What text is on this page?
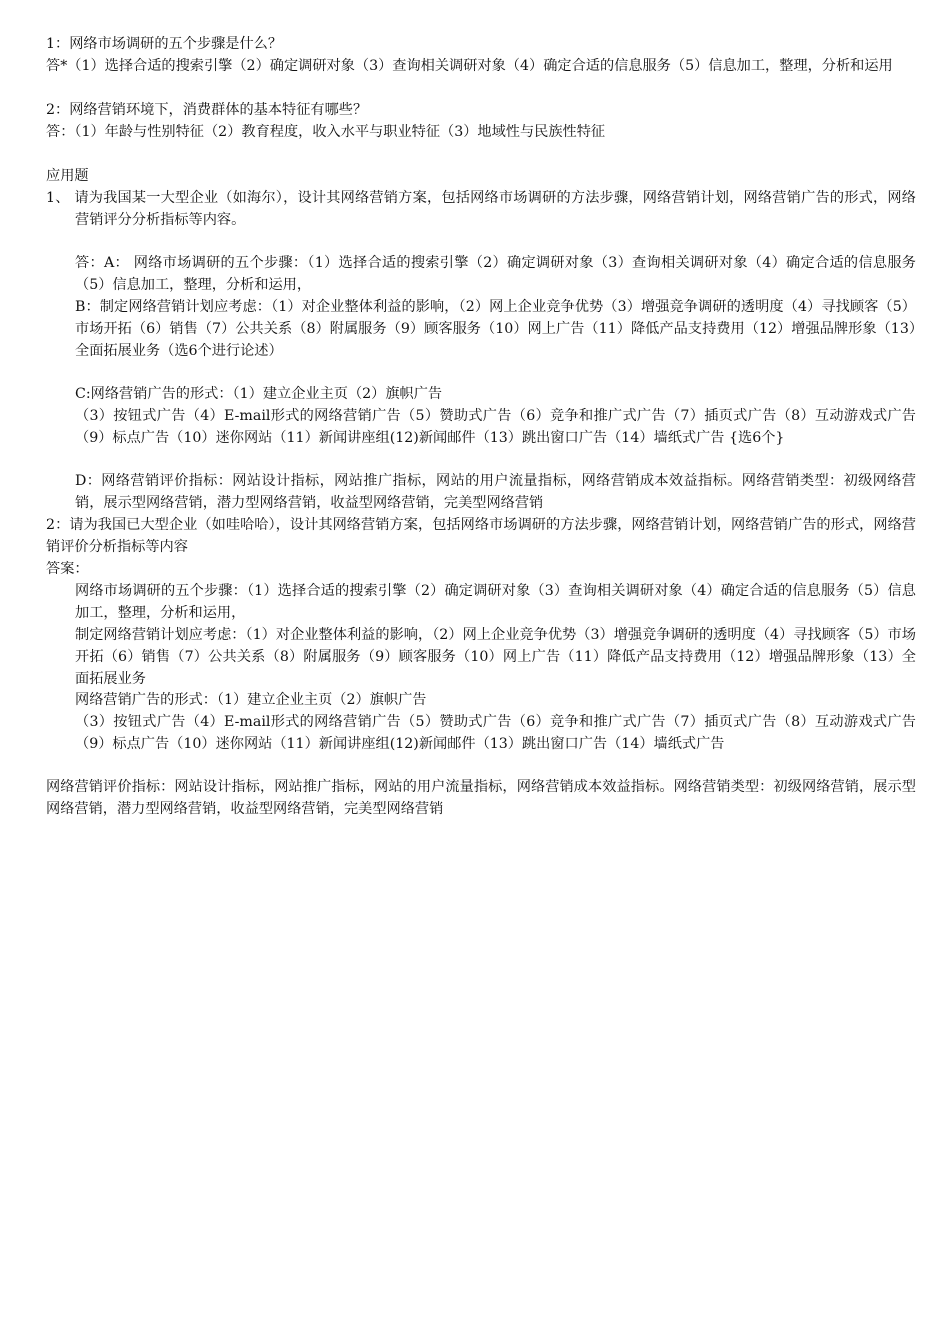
1：网络市场调研的五个步骤是什么？

答*（1）选择合适的搜索引擎（2）确定调研对象（3）查询相关调研对象（4）确定合适的信息服务（5）信息加工，整理，分析和运用

2：网络营销环境下，消费群体的基本特征有哪些？

答：（1）年龄与性别特征（2）教育程度，收入水平与职业特征（3）地域性与民族性特征

应用题

1、 请为我国某一大型企业（如海尔），设计其网络营销方案，包括网络市场调研的方法步骤，网络营销计划，网络营销广告的形式，网络营销评分分析指标等内容。

答：A： 网络市场调研的五个步骤：（1）选择合适的搜索引擎（2）确定调研对象（3）查询相关调研对象（4）确定合适的信息服务（5）信息加工，整理，分析和运用，

B：制定网络营销计划应考虑：（1）对企业整体利益的影响，（2）网上企业竞争优势（3）增强竞争调研的透明度（4）寻找顾客（5）市场开拓（6）销售（7）公共关系（8）附属服务（9）顾客服务（10）网上广告（11）降低产品支持费用（12）增强品牌形象（13）全面拓展业务（选6个进行论述）

C:网络营销广告的形式：（1）建立企业主页（2）旗帜广告

（3）按钮式广告（4）E-mail形式的网络营销广告（5）赞助式广告（6）竞争和推广式广告（7）插页式广告（8）互动游戏式广告（9）标点广告（10）迷你网站（11）新闻讲座组(12)新闻邮件（13）跳出窗口广告（14）墙纸式广告 {选6个}

D：网络营销评价指标：网站设计指标，网站推广指标，网站的用户流量指标，网络营销成本效益指标。网络营销类型：初级网络营销，展示型网络营销，潜力型网络营销，收益型网络营销，完美型网络营销

2：请为我国已大型企业（如哇哈哈），设计其网络营销方案，包括网络市场调研的方法步骤，网络营销计划，网络营销广告的形式，网络营销评价分析指标等内容

答案：

网络市场调研的五个步骤：（1）选择合适的搜索引擎（2）确定调研对象（3）查询相关调研对象（4）确定合适的信息服务（5）信息加工，整理，分析和运用，

制定网络营销计划应考虑：（1）对企业整体利益的影响，（2）网上企业竞争优势（3）增强竞争调研的透明度（4）寻找顾客（5）市场开拓（6）销售（7）公共关系（8）附属服务（9）顾客服务（10）网上广告（11）降低产品支持费用（12）增强品牌形象（13）全面拓展业务

网络营销广告的形式：（1）建立企业主页（2）旗帜广告

（3）按钮式广告（4）E-mail形式的网络营销广告（5）赞助式广告（6）竞争和推广式广告（7）插页式广告（8）互动游戏式广告（9）标点广告（10）迷你网站（11）新闻讲座组(12)新闻邮件（13）跳出窗口广告（14）墙纸式广告

网络营销评价指标：网站设计指标，网站推广指标，网站的用户流量指标，网络营销成本效益指标。网络营销类型：初级网络营销，展示型网络营销，潜力型网络营销，收益型网络营销，完美型网络营销
